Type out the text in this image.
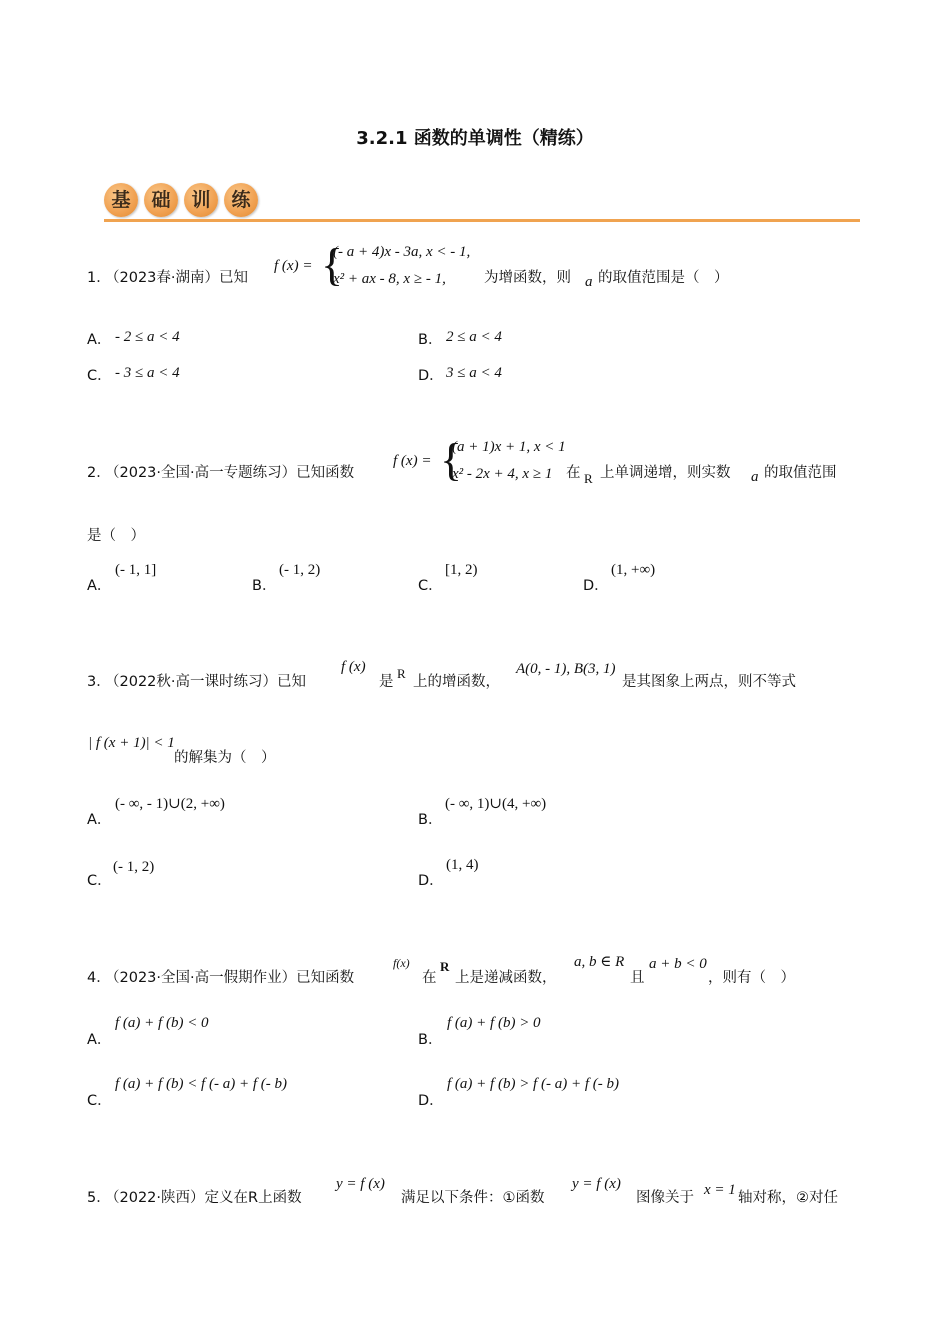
3.2.1 函数的单调性（精练）
基	础	训	练
1．
（2023春·湖南）已知
f (x) = {
(- a + 4)x - 3a, x < - 1,
x² + ax - 8, x ≥ - 1,	为增函数，则 a 的取值范围是（　）
A． - 2 ≤ a < 4	B． 2 ≤ a < 4
C． - 3 ≤ a < 4	D． 3 ≤ a < 4
2．
（2023·全国·高一专题练习）已知函数
f (x) = {
(a + 1)x + 1, x < 1
x² - 2x + 4, x ≥ 1 在 R 上单调递增，则实数 a 的取值范围
是（　）
A．
(- 1, 1]
B．
(- 1, 2)
C．
[1, 2)
D．
(1, +∞)
3．
（2022秋·高一课时练习）已知
f (x)
是
R
上的增函数，
A(0, - 1), B(3, 1)
是其图象上两点，则不等式
| f (x + 1)| < 1
的解集为（　）
A．
(- ∞, - 1)∪(2, +∞)
B．
(- ∞, 1)∪(4, +∞)
C．
(- 1, 2)
D．
(1, 4)
4．
（2023·全国·高一假期作业）已知函数
f(x)
在
R
上是递减函数，
a, b ∈ R
且
a + b < 0
，则有（　）
A．
f (a) + f (b) < 0
B．
f (a) + f (b) > 0
C．
f (a) + f (b) < f (- a) + f (- b)
D．
f (a) + f (b) > f (- a) + f (- b)
5．
（2022·陕西）定义在R上函数
y = f (x)
满足以下条件：①函数
y = f (x)
图像关于 x = 1 轴对称，②对任
